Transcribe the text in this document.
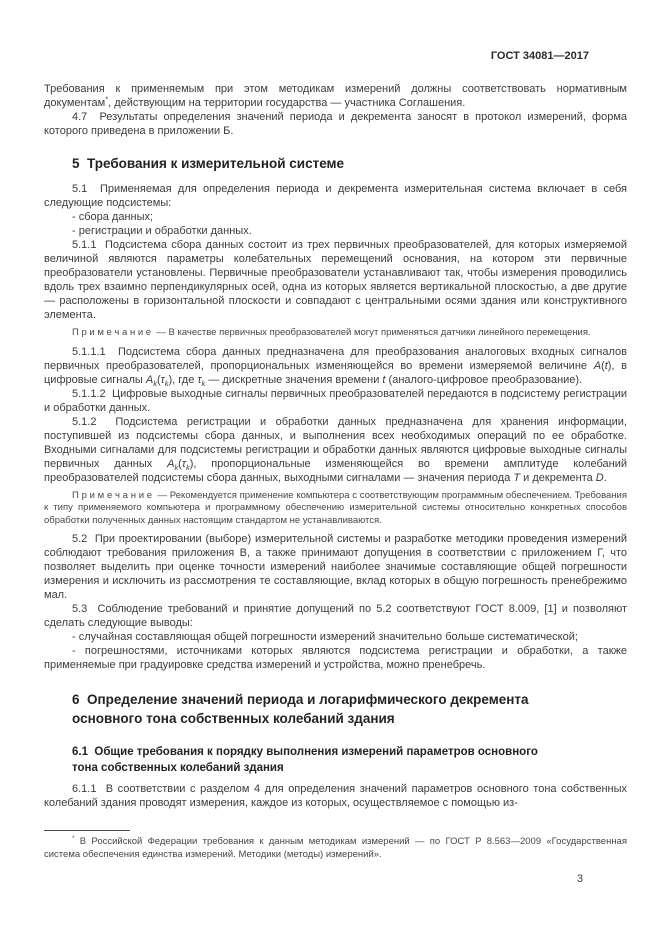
ГОСТ 34081—2017

Требования к применяемым при этом методикам измерений должны соответствовать нормативным документам*, действующим на территории государства — участника Соглашения.

4.7  Результаты определения значений периода и декремента заносят в протокол измерений, форма которого приведена в приложении Б.

5  Требования к измерительной системе

5.1  Применяемая для определения периода и декремента измерительная система включает в себя следующие подсистемы:

- сбора данных;

- регистрации и обработки данных.

5.1.1  Подсистема сбора данных состоит из трех первичных преобразователей, для которых измеряемой величиной являются параметры колебательных перемещений основания, на котором эти первичные преобразователи установлены. Первичные преобразователи устанавливают так, чтобы измерения проводились вдоль трех взаимно перпендикулярных осей, одна из которых является вертикальной плоскостью, а две другие — расположены в горизонтальной плоскости и совпадают с центральными осями здания или конструктивного элемента.

П р и м е ч а н и е  — В качестве первичных преобразователей могут применяться датчики линейного перемещения.

5.1.1.1  Подсистема сбора данных предназначена для преобразования аналоговых входных сигналов первичных преобразователей, пропорциональных изменяющейся во времени измеряемой величине A(t), в цифровые сигналы $A_k(\tau_k)$, где $\tau_k$ — дискретные значения времени t (аналого-цифровое преобразование).

5.1.1.2  Цифровые выходные сигналы первичных преобразователей передаются в подсистему регистрации и обработки данных.

5.1.2  Подсистема регистрации и обработки данных предназначена для хранения информации, поступившей из подсистемы сбора данных, и выполнения всех необходимых операций по ее обработке. Входными сигналами для подсистемы регистрации и обработки данных являются цифровые выходные сигналы первичных данных $A_k(\tau_k)$, пропорциональные изменяющейся во времени амплитуде колебаний преобразователей подсистемы сбора данных, выходными сигналами — значения периода T и декремента D.

П р и м е ч а н и е  — Рекомендуется применение компьютера с соответствующим программным обеспечением. Требования к типу применяемого компьютера и программному обеспечению измерительной системы относительно конкретных способов обработки полученных данных настоящим стандартом не устанавливаются.

5.2  При проектировании (выборе) измерительной системы и разработке методики проведения измерений соблюдают требования приложения В, а также принимают допущения в соответствии с приложением Г, что позволяет выделить при оценке точности измерений наиболее значимые составляющие общей погрешности измерения и исключить из рассмотрения те составляющие, вклад которых в общую погрешность пренебрежимо мал.

5.3  Соблюдение требований и принятие допущений по 5.2 соответствуют ГОСТ 8.009, [1] и позволяют сделать следующие выводы:

- случайная составляющая общей погрешности измерений значительно больше систематической;

- погрешностями, источниками которых являются подсистема регистрации и обработки, а также применяемые при градуировке средства измерений и устройства, можно пренебречь.

6  Определение значений периода и логарифмического декремента основного тона собственных колебаний здания
6.1  Общие требования к порядку выполнения измерений параметров основного тона собственных колебаний здания

6.1.1  В соответствии с разделом 4 для определения значений параметров основного тона собственных колебаний здания проводят измерения, каждое из которых, осуществляемое с помощью из-

* В Российской Федерации требования к данным методикам измерений — по ГОСТ Р 8.563—2009 «Государственная система обеспечения единства измерений. Методики (методы) измерений».

3
